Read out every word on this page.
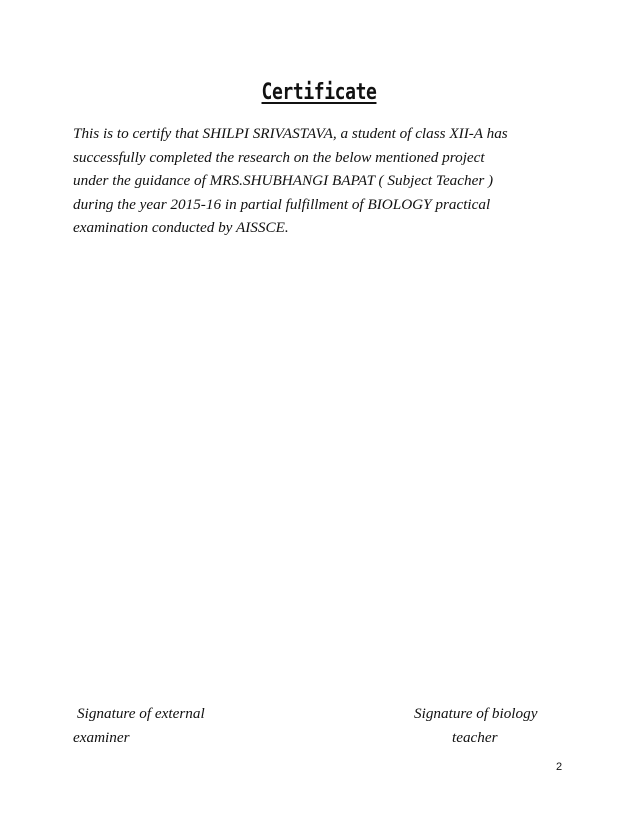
Certificate
This is to certify that SHILPI SRIVASTAVA, a student of class XII-A has
successfully completed the research on the below mentioned project
under the guidance of MRS.SHUBHANGI BAPAT ( Subject Teacher )
during the year 2015-16 in partial fulfillment of BIOLOGY practical
examination conducted by AISSCE.
Signature of external
examiner
Signature of biology
teacher
2
